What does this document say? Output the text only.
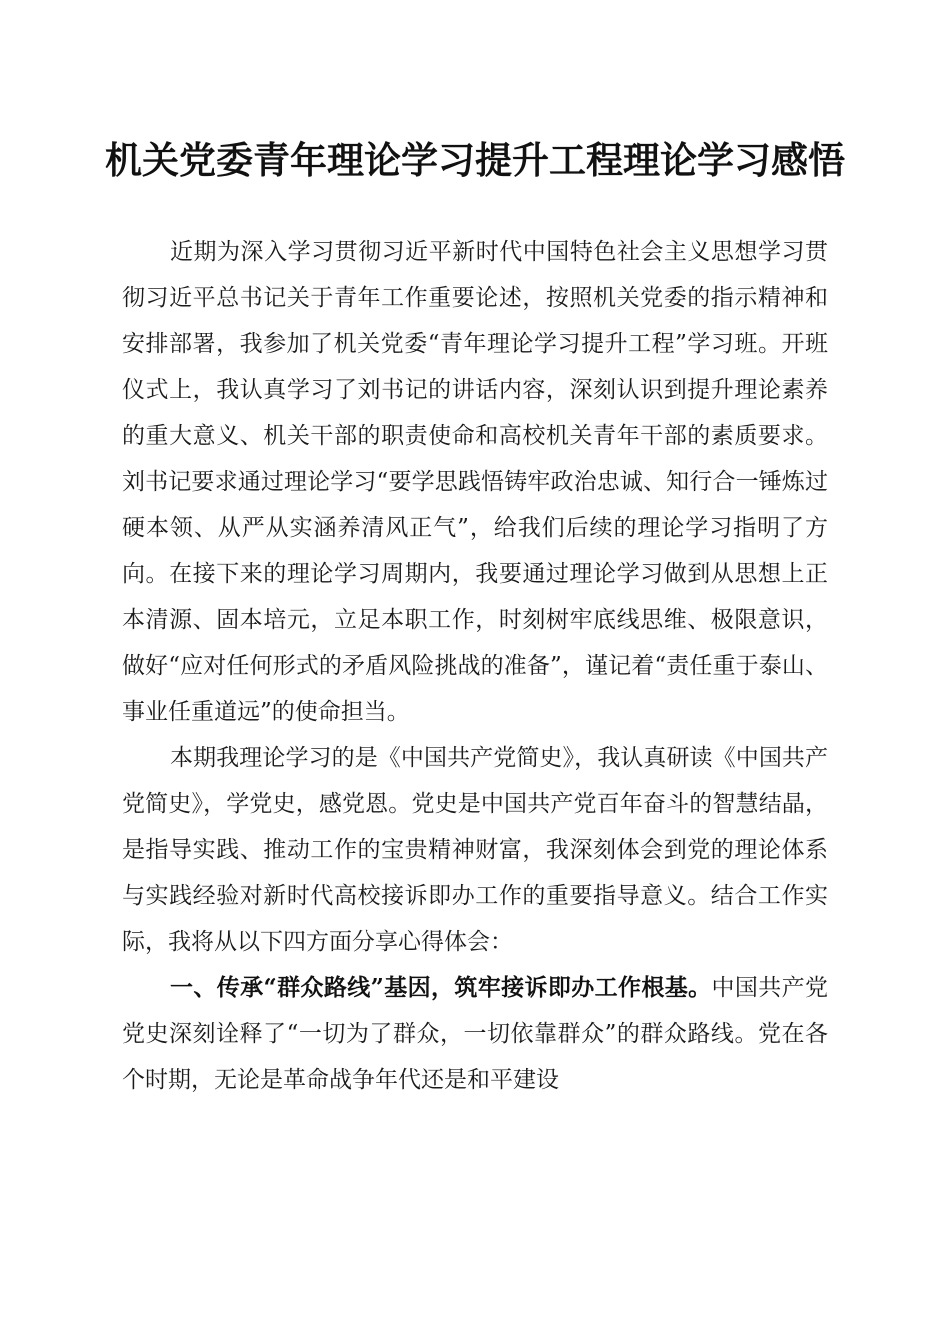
机关党委青年理论学习提升工程理论学习感悟

近期为深入学习贯彻习近平新时代中国特色社会主义思想学习贯彻习近平总书记关于青年工作重要论述，按照机关党委的指示精神和安排部署，我参加了机关党委“青年理论学习提升工程”学习班。开班仪式上，我认真学习了刘书记的讲话内容，深刻认识到提升理论素养的重大意义、机关干部的职责使命和高校机关青年干部的素质要求。刘书记要求通过理论学习“要学思践悟铸牢政治忠诚、知行合一锤炼过硬本领、从严从实涵养清风正气”，给我们后续的理论学习指明了方向。在接下来的理论学习周期内，我要通过理论学习做到从思想上正本清源、固本培元，立足本职工作，时刻树牢底线思维、极限意识，做好“应对任何形式的矛盾风险挑战的准备”，谨记着“责任重于泰山、事业任重道远”的使命担当。

本期我理论学习的是《中国共产党简史》，我认真研读《中国共产党简史》，学党史，感党恩。党史是中国共产党百年奋斗的智慧结晶，是指导实践、推动工作的宝贵精神财富，我深刻体会到党的理论体系与实践经验对新时代高校接诉即办工作的重要指导意义。结合工作实际，我将从以下四方面分享心得体会：

一、传承“群众路线”基因，筑牢接诉即办工作根基。中国共产党党史深刻诠释了“一切为了群众，一切依靠群众”的群众路线。党在各个时期，无论是革命战争年代还是和平建设
